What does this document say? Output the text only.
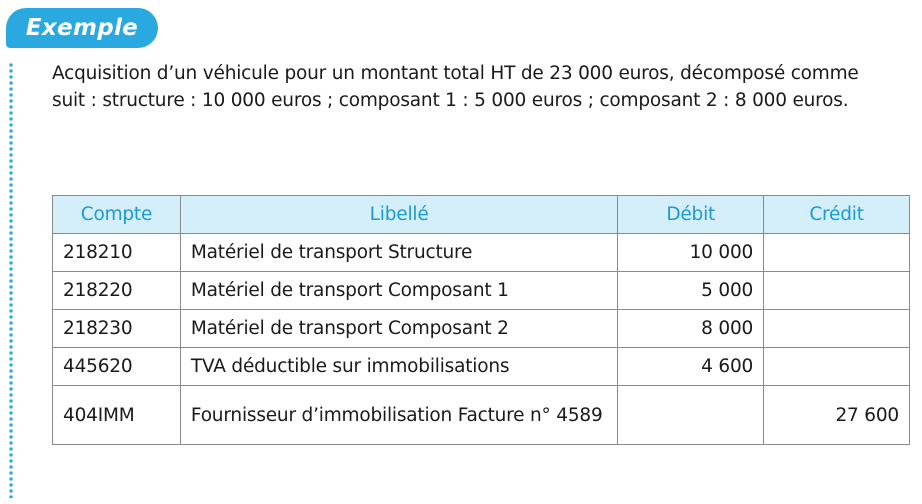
Exemple
Acquisition d’un véhicule pour un montant total HT de 23 000 euros, décomposé comme suit : structure : 10 000 euros ; composant 1 : 5 000 euros ; composant 2 : 8 000 euros.
Compte	Libellé	Débit	Crédit
218210	Matériel de transport Structure	10 000	
218220	Matériel de transport Composant 1	5 000	
218230	Matériel de transport Composant 2	8 000	
445620	TVA déductible sur immobilisations	4 600	
404IMM	Fournisseur d’immobilisation Facture n° 4589		27 600
